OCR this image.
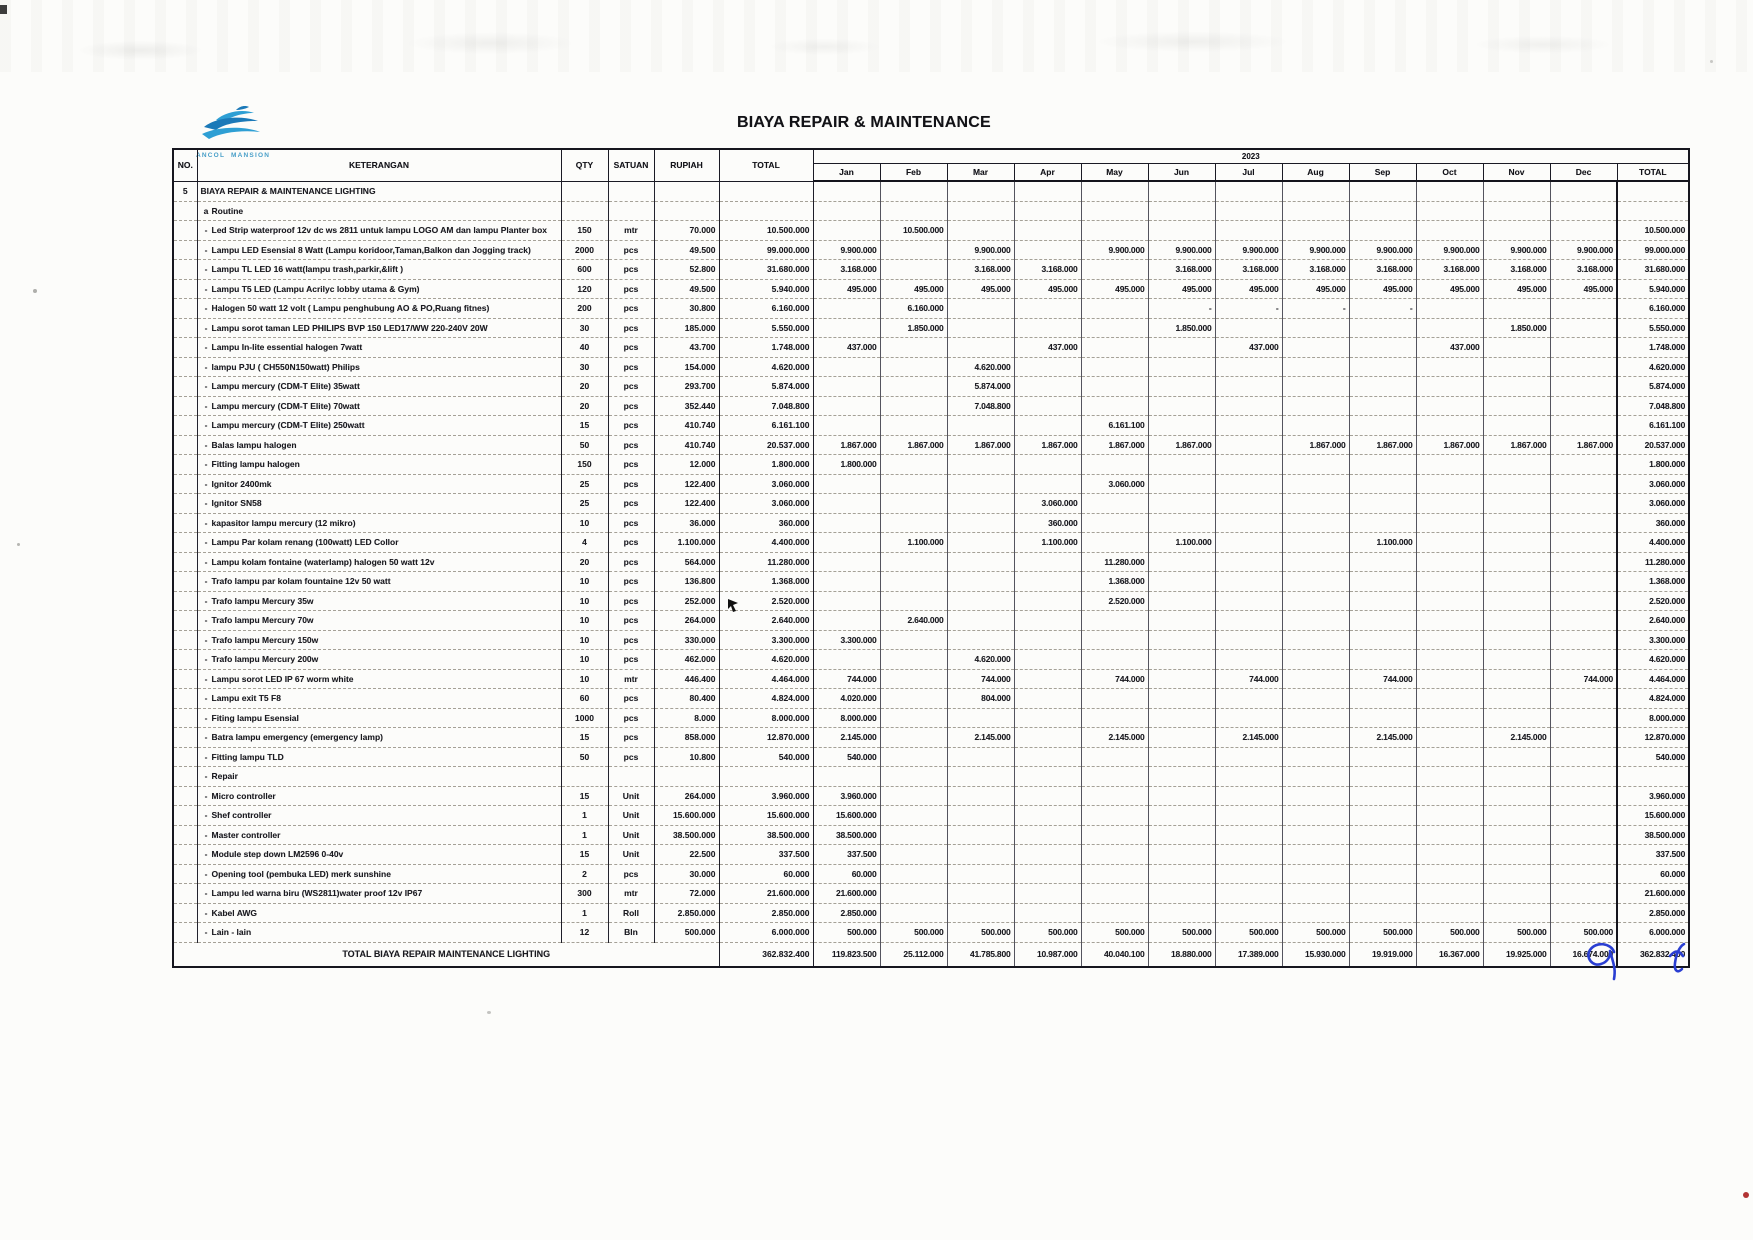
ANCOL  MANSION
BIAYA REPAIR & MAINTENANCE
NO.	KETERANGAN	QTY	SATUAN	RUPIAH	TOTAL	2023												
						Jan	Feb	Mar	Apr	May	Jun	Jul	Aug	Sep	Oct	Nov	Dec	TOTAL
5	BIAYA REPAIR & MAINTENANCE LIGHTING																	
	a Routine																	
	- Led Strip waterproof 12v dc ws 2811 untuk lampu LOGO AM dan lampu Planter box	150	mtr	70.000	10.500.000		10.500.000											10.500.000
	- Lampu LED Esensial 8 Watt (Lampu koridoor,Taman,Balkon dan Jogging track)	2000	pcs	49.500	99.000.000	9.900.000		9.900.000		9.900.000	9.900.000	9.900.000	9.900.000	9.900.000	9.900.000	9.900.000	9.900.000	99.000.000
	- Lampu TL LED 16 watt(lampu trash,parkir,&lift )	600	pcs	52.800	31.680.000	3.168.000		3.168.000	3.168.000		3.168.000	3.168.000	3.168.000	3.168.000	3.168.000	3.168.000	3.168.000	31.680.000
	- Lampu T5 LED (Lampu Acrilyc lobby utama & Gym)	120	pcs	49.500	5.940.000	495.000	495.000	495.000	495.000	495.000	495.000	495.000	495.000	495.000	495.000	495.000	495.000	5.940.000
	- Halogen 50 watt 12 volt ( Lampu penghubung AO & PO,Ruang fitnes)	200	pcs	30.800	6.160.000		6.160.000				-	-	-	-				6.160.000
	- Lampu sorot taman LED PHILIPS BVP 150 LED17/WW 220-240V 20W	30	pcs	185.000	5.550.000		1.850.000				1.850.000					1.850.000		5.550.000
	- Lampu In-lite essential halogen 7watt	40	pcs	43.700	1.748.000	437.000			437.000			437.000			437.000			1.748.000
	- lampu PJU ( CH550N150watt) Philips	30	pcs	154.000	4.620.000			4.620.000										4.620.000
	- Lampu mercury (CDM-T Elite) 35watt	20	pcs	293.700	5.874.000			5.874.000										5.874.000
	- Lampu mercury (CDM-T Elite) 70watt	20	pcs	352.440	7.048.800			7.048.800										7.048.800
	- Lampu mercury (CDM-T Elite) 250watt	15	pcs	410.740	6.161.100					6.161.100								6.161.100
	- Balas lampu halogen	50	pcs	410.740	20.537.000	1.867.000	1.867.000	1.867.000	1.867.000	1.867.000	1.867.000		1.867.000	1.867.000	1.867.000	1.867.000	1.867.000	20.537.000
	- Fitting lampu halogen	150	pcs	12.000	1.800.000	1.800.000												1.800.000
	- Ignitor 2400mk	25	pcs	122.400	3.060.000					3.060.000								3.060.000
	- Ignitor SN58	25	pcs	122.400	3.060.000				3.060.000									3.060.000
	- kapasitor lampu mercury (12 mikro)	10	pcs	36.000	360.000				360.000									360.000
	- Lampu Par kolam renang (100watt) LED Collor	4	pcs	1.100.000	4.400.000		1.100.000		1.100.000		1.100.000			1.100.000				4.400.000
	- Lampu kolam fontaine (waterlamp) halogen 50 watt 12v	20	pcs	564.000	11.280.000					11.280.000								11.280.000
	- Trafo lampu par kolam fountaine 12v 50 watt	10	pcs	136.800	1.368.000					1.368.000								1.368.000
	- Trafo lampu Mercury 35w	10	pcs	252.000	2.520.000					2.520.000								2.520.000
	- Trafo lampu Mercury 70w	10	pcs	264.000	2.640.000		2.640.000											2.640.000
	- Trafo lampu Mercury 150w	10	pcs	330.000	3.300.000	3.300.000												3.300.000
	- Trafo lampu Mercury 200w	10	pcs	462.000	4.620.000			4.620.000										4.620.000
	- Lampu sorot LED IP 67 worm white	10	mtr	446.400	4.464.000	744.000		744.000		744.000		744.000		744.000			744.000	4.464.000
	- Lampu exit T5 F8	60	pcs	80.400	4.824.000	4.020.000		804.000										4.824.000
	- Fiting lampu Esensial	1000	pcs	8.000	8.000.000	8.000.000												8.000.000
	- Batra lampu emergency (emergency lamp)	15	pcs	858.000	12.870.000	2.145.000		2.145.000		2.145.000		2.145.000		2.145.000		2.145.000		12.870.000
	- Fitting lampu TLD	50	pcs	10.800	540.000	540.000												540.000
	- Repair																	
	- Micro controller	15	Unit	264.000	3.960.000	3.960.000												3.960.000
	- Shef controller	1	Unit	15.600.000	15.600.000	15.600.000												15.600.000
	- Master controller	1	Unit	38.500.000	38.500.000	38.500.000												38.500.000
	- Module step down LM2596 0-40v	15	Unit	22.500	337.500	337.500												337.500
	- Opening tool (pembuka LED) merk sunshine	2	pcs	30.000	60.000	60.000												60.000
	- Lampu led warna biru (WS2811)water proof 12v IP67	300	mtr	72.000	21.600.000	21.600.000												21.600.000
	- Kabel AWG	1	Roll	2.850.000	2.850.000	2.850.000												2.850.000
	- Lain - lain	12	Bln	500.000	6.000.000	500.000	500.000	500.000	500.000	500.000	500.000	500.000	500.000	500.000	500.000	500.000	500.000	6.000.000
TOTAL BIAYA REPAIR MAINTENANCE LIGHTING					362.832.400	119.823.500	25.112.000	41.785.800	10.987.000	40.040.100	18.880.000	17.389.000	15.930.000	19.919.000	16.367.000	19.925.000	16.674.000	362.832.400
